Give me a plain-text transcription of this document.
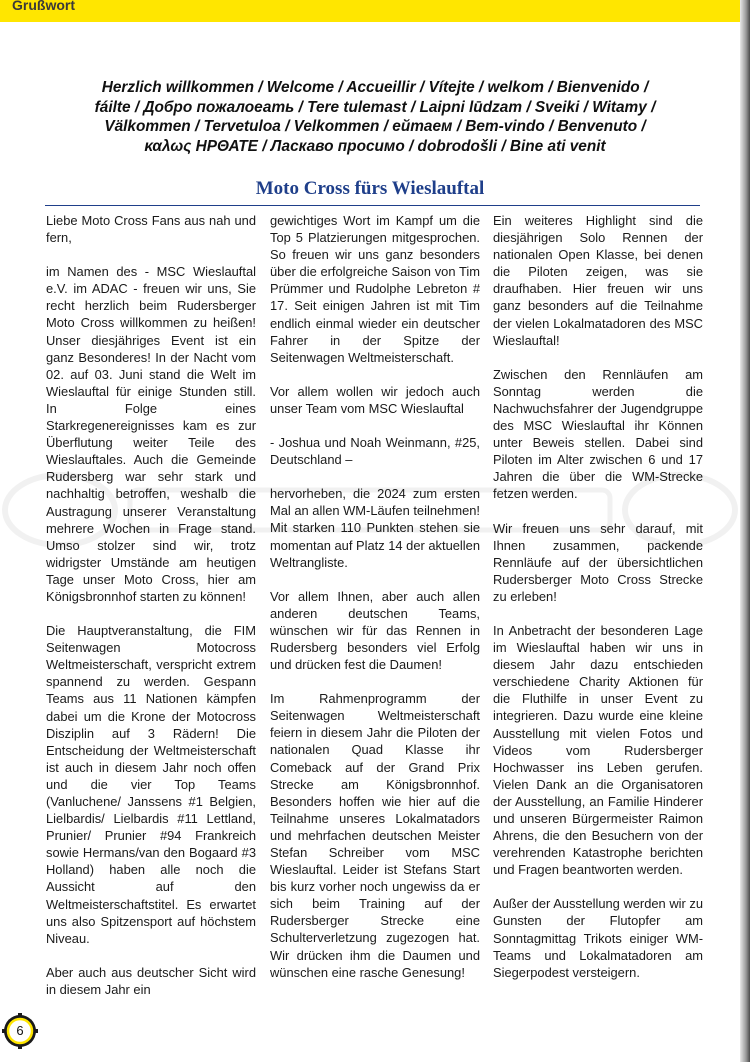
Grußwort
Herzlich willkommen / Welcome / Accueillir / Vítejte / welkom / Bienvenido /
fáilte / Добро пожалоеать / Tere tulemast / Laipni lūdzam / Sveiki / Witamy /
Välkommen / Tervetuloa / Velkommen / ейтаем / Bem-vindo / Benvenuto /
καλως ΗΡΘΑΤΕ / Ласкаво просимо / dobrodošli / Bine ati venit
Moto Cross fürs Wieslauftal

Liebe Moto Cross Fans aus nah und fern,

im Namen des - MSC Wieslauftal e.V. im ADAC - freuen wir uns, Sie recht herzlich beim Rudersberger Moto Cross willkommen zu heißen! Unser diesjähriges Event ist ein ganz Besonderes! In der Nacht vom 02. auf 03. Juni stand die Welt im Wieslauftal für einige Stunden still. In Folge eines Starkregenereignisses kam es zur Überflutung weiter Teile des Wieslauftales. Auch die Gemeinde Rudersberg war sehr stark und nachhaltig betroffen, weshalb die Austragung unserer Veranstaltung mehrere Wochen in Frage stand. Umso stolzer sind wir, trotz widrigster Umstände am heutigen Tage unser Moto Cross, hier am Königsbronnhof starten zu können!

Die Hauptveranstaltung, die FIM Seitenwagen Motocross Weltmeisterschaft, verspricht extrem spannend zu werden. Gespann Teams aus 11 Nationen kämpfen dabei um die Krone der Motocross Disziplin auf 3 Rädern! Die Entscheidung der Weltmeisterschaft ist auch in diesem Jahr noch offen und die vier Top Teams (Vanluchene/ Janssens #1 Belgien, Lielbardis/ Lielbardis #11 Lettland, Prunier/ Prunier #94 Frankreich sowie Hermans/van den Bogaard #3 Holland) haben alle noch die Aussicht auf den Weltmeisterschaftstitel. Es erwartet uns also Spitzensport auf höchstem Niveau.

Aber auch aus deutscher Sicht wird in diesem Jahr ein

gewichtiges Wort im Kampf um die Top 5 Platzierungen mitgesprochen. So freuen wir uns ganz besonders über die erfolgreiche Saison von Tim Prümmer und Rudolphe Lebreton # 17. Seit einigen Jahren ist mit Tim endlich einmal wieder ein deutscher Fahrer in der Spitze der Seitenwagen Weltmeisterschaft.

Vor allem wollen wir jedoch auch unser Team vom MSC Wieslauftal

- Joshua und Noah Weinmann, #25, Deutschland –

hervorheben, die 2024 zum ersten Mal an allen WM-Läufen teilnehmen! Mit starken 110 Punkten stehen sie momentan auf Platz 14 der aktuellen Weltrangliste.

Vor allem Ihnen, aber auch allen anderen deutschen Teams, wünschen wir für das Rennen in Rudersberg besonders viel Erfolg und drücken fest die Daumen!

Im Rahmenprogramm der Seitenwagen Weltmeisterschaft feiern in diesem Jahr die Piloten der nationalen Quad Klasse ihr Comeback auf der Grand Prix Strecke am Königsbronnhof. Besonders hoffen wie hier auf die Teilnahme unseres Lokalmatadors und mehrfachen deutschen Meister Stefan Schreiber vom MSC Wieslauftal. Leider ist Stefans Start bis kurz vorher noch ungewiss da er sich beim Training auf der Rudersberger Strecke eine Schulterverletzung zugezogen hat. Wir drücken ihm die Daumen und wünschen eine rasche Genesung!

Ein weiteres Highlight sind die diesjährigen Solo Rennen der nationalen Open Klasse, bei denen die Piloten zeigen, was sie draufhaben. Hier freuen wir uns ganz besonders auf die Teilnahme der vielen Lokalmatadoren des MSC Wieslauftal!

Zwischen den Rennläufen am Sonntag werden die Nachwuchsfahrer der Jugendgruppe des MSC Wieslauftal ihr Können unter Beweis stellen. Dabei sind Piloten im Alter zwischen 6 und 17 Jahren die über die WM-Strecke fetzen werden.

Wir freuen uns sehr darauf, mit Ihnen zusammen, packende Rennläufe auf der übersichtlichen Rudersberger Moto Cross Strecke zu erleben!

In Anbetracht der besonderen Lage im Wieslauftal haben wir uns in diesem Jahr dazu entschieden verschiedene Charity Aktionen für die Fluthilfe in unser Event zu integrieren. Dazu wurde eine kleine Ausstellung mit vielen Fotos und Videos vom Rudersberger Hochwasser ins Leben gerufen. Vielen Dank an die Organisatoren der Ausstellung, an Familie Hinderer und unseren Bürgermeister Raimon Ahrens, die den Besuchern von der verehrenden Katastrophe berichten und Fragen beantworten werden.

Außer der Ausstellung werden wir zu Gunsten der Flutopfer am Sonntagmittag Trikots einiger WM-Teams und Lokalmatadoren am Siegerpodest versteigern.

6
